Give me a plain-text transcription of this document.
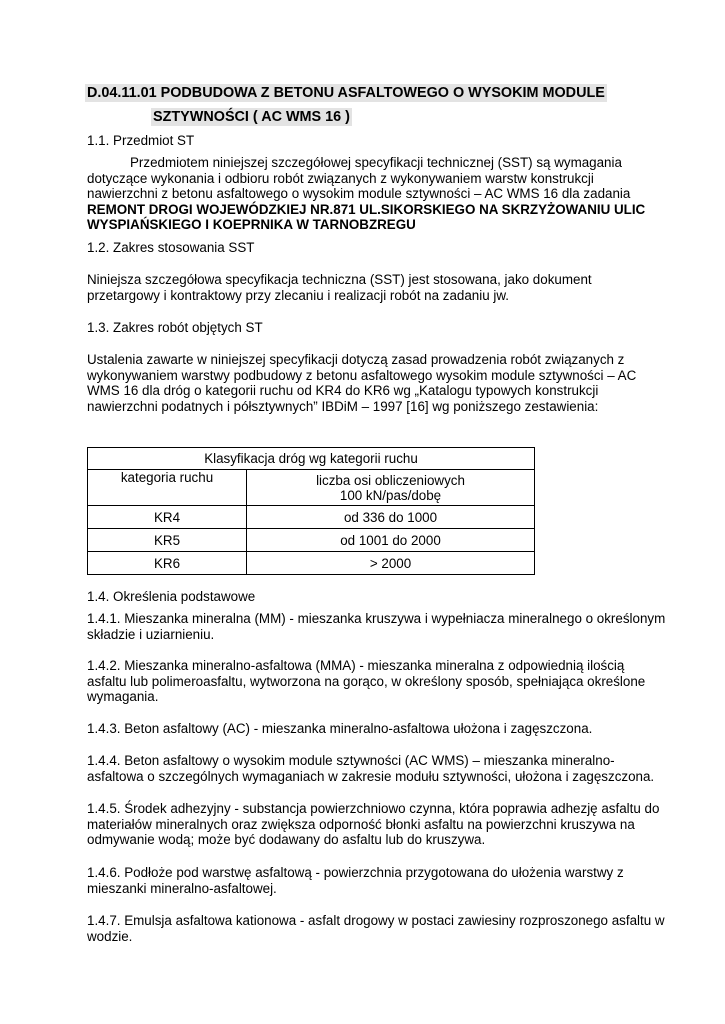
D.04.11.01 PODBUDOWA Z BETONU ASFALTOWEGO O WYSOKIM MODULE
SZTYWNOŚCI ( AC WMS 16 )
1.1. Przedmiot ST

Przedmiotem niniejszej szczegółowej specyfikacji technicznej (SST) są wymagania dotyczące wykonania i odbioru robót związanych z wykonywaniem warstw konstrukcji nawierzchni z betonu asfaltowego o wysokim module sztywności – AC WMS 16 dla zadania REMONT DROGI WOJEWÓDZKIEJ NR.871 UL.SIKORSKIEGO NA SKRZYŻOWANIU ULIC WYSPIAŃSKIEGO I KOEPRNIKA W TARNOBZREGU

1.2. Zakres stosowania SST

Niniejsza szczegółowa specyfikacja techniczna (SST) jest stosowana, jako dokument przetargowy i kontraktowy przy zlecaniu i realizacji robót na zadaniu jw.

1.3. Zakres robót objętych ST

Ustalenia zawarte w niniejszej specyfikacji dotyczą zasad prowadzenia robót związanych z wykonywaniem warstwy podbudowy z betonu asfaltowego wysokim module sztywności – AC WMS 16 dla dróg o kategorii ruchu od KR4 do KR6 wg „Katalogu typowych konstrukcji nawierzchni podatnych i półsztywnych” IBDiM – 1997 [16] wg poniższego zestawienia:

Klasyfikacja dróg wg kategorii ruchu	
kategoria ruchu	liczba osi obliczeniowych
100 kN/pas/dobę

KR4	od 336 do 1000
KR5	od 1001 do 2000
KR6	> 2000
1.4. Określenia podstawowe

1.4.1. Mieszanka mineralna (MM) - mieszanka kruszywa i wypełniacza mineralnego o określonym składzie i uziarnieniu.

1.4.2. Mieszanka mineralno-asfaltowa (MMA) - mieszanka mineralna z odpowiednią ilością asfaltu lub polimeroasfaltu, wytworzona na gorąco, w określony sposób, spełniająca określone wymagania.

1.4.3. Beton asfaltowy (AC) - mieszanka mineralno-asfaltowa ułożona i zagęszczona.

1.4.4. Beton asfaltowy o wysokim module sztywności (AC WMS) – mieszanka mineralno-asfaltowa o szczególnych wymaganiach w zakresie modułu sztywności, ułożona i zagęszczona.

1.4.5. Środek adhezyjny - substancja powierzchniowo czynna, która poprawia adhezję asfaltu do materiałów mineralnych oraz zwiększa odporność błonki asfaltu na powierzchni kruszywa na odmywanie wodą; może być dodawany do asfaltu lub do kruszywa.

1.4.6. Podłoże pod warstwę asfaltową - powierzchnia przygotowana do ułożenia warstwy z mieszanki mineralno-asfaltowej.

1.4.7. Emulsja asfaltowa kationowa - asfalt drogowy w postaci zawiesiny rozproszonego asfaltu w wodzie.
